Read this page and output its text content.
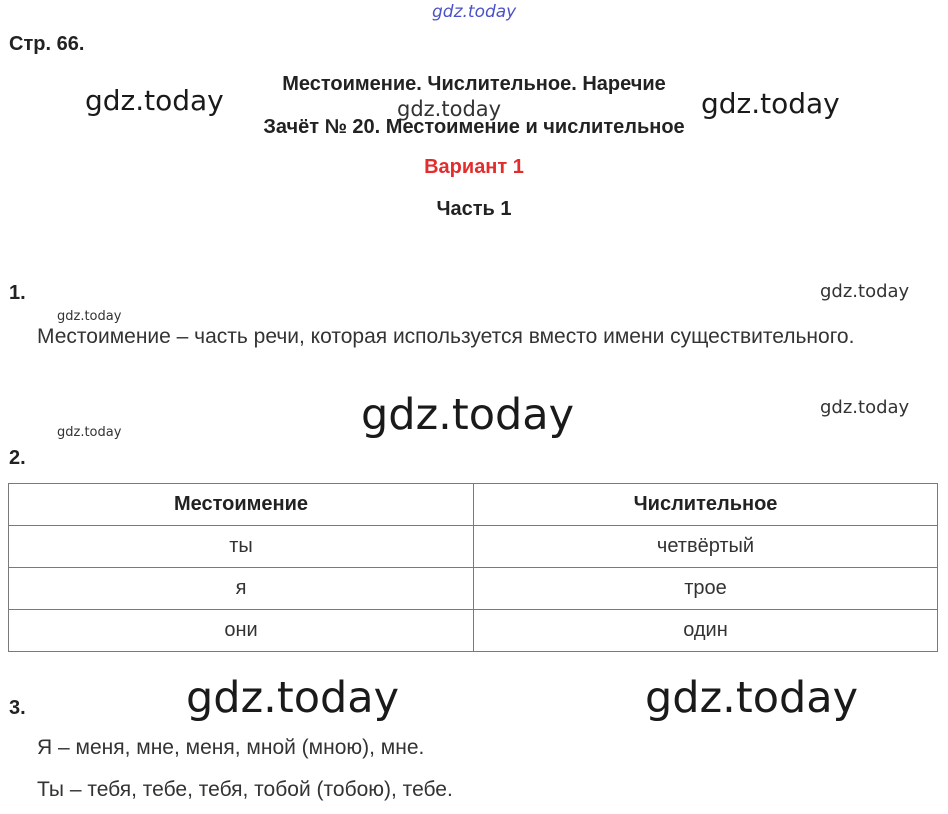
gdz.today
gdz.today	gdz.today	gdz.today
gdz.today
gdz.today
gdz.today	gdz.today
gdz.today
gdz.today	gdz.today
Стр. 66.
Местоимение. Числительное. Наречие
Зачёт № 20. Местоимение и числительное
Вариант 1
Часть 1
1.
Местоимение – часть речи, которая используется вместо имени существительного.
2.
Местоимение	Числительное
ты	четвёртый
я	трое
они	один
3.
Я – меня, мне, меня, мной (мною), мне.
Ты – тебя, тебе, тебя, тобой (тобою), тебе.
